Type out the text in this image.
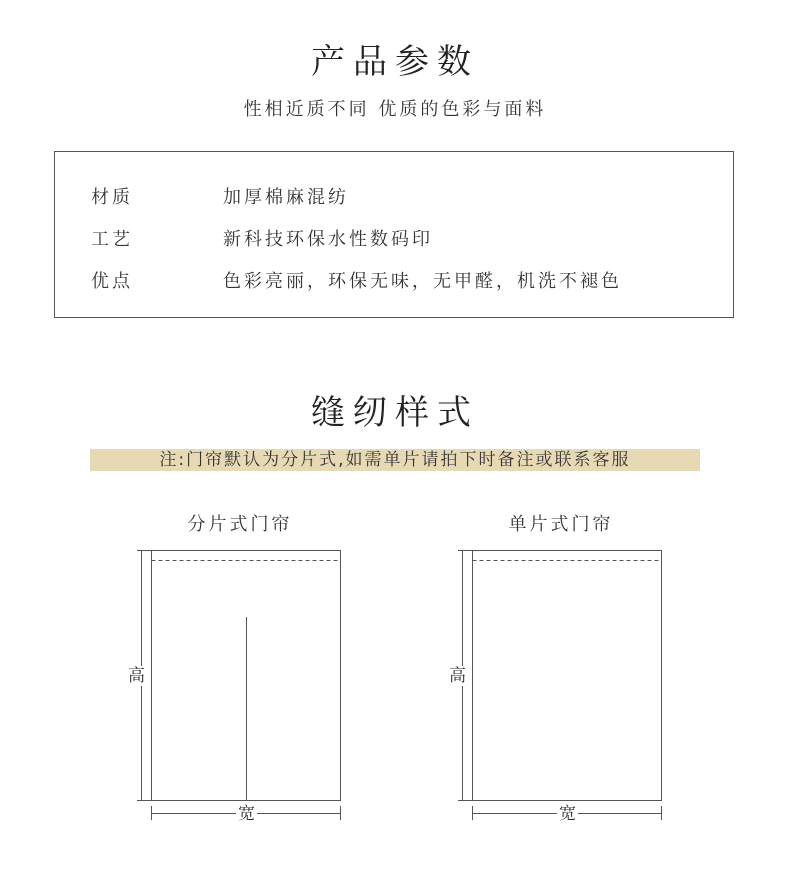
产品参数
性相近质不同 优质的色彩与面料
材质	加厚棉麻混纺
工艺	新科技环保水性数码印
优点	色彩亮丽，环保无味，无甲醛，机洗不褪色
缝纫样式
注:门帘默认为分片式,如需单片请拍下时备注或联系客服
分片式门帘	单片式门帘
高
宽
高
宽
